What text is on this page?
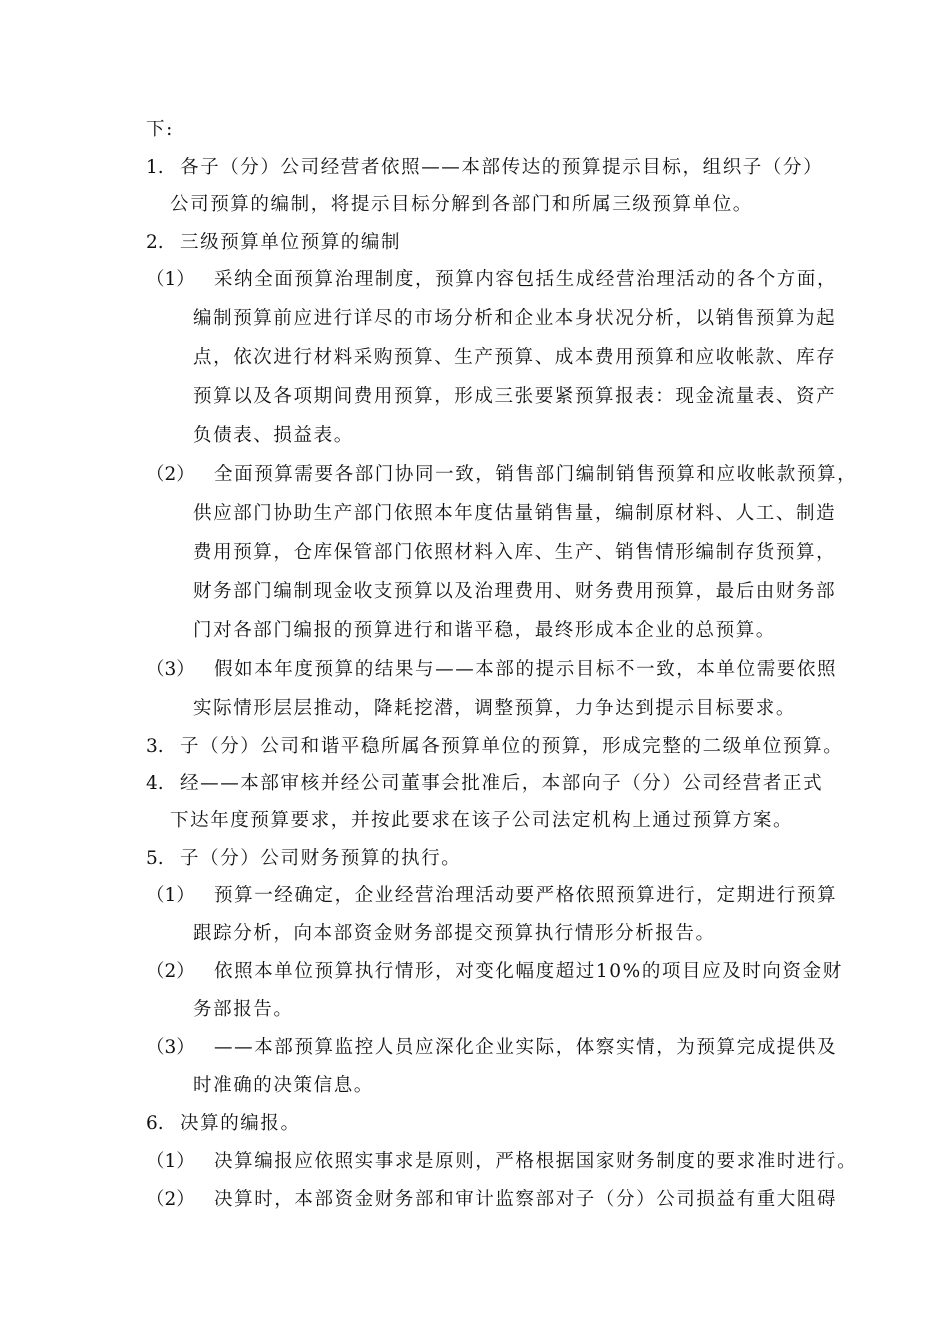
下:
1. 各子（分）公司经营者依照——本部传达的预算提示目标，组织子（分）
公司预算的编制，将提示目标分解到各部门和所属三级预算单位。
2. 三级预算单位预算的编制
（1） 采纳全面预算治理制度，预算内容包括生成经营治理活动的各个方面，
编制预算前应进行详尽的市场分析和企业本身状况分析，以销售预算为起
点，依次进行材料采购预算、生产预算、成本费用预算和应收帐款、库存
预算以及各项期间费用预算，形成三张要紧预算报表：现金流量表、资产
负债表、损益表。
（2） 全面预算需要各部门协同一致，销售部门编制销售预算和应收帐款预算，
供应部门协助生产部门依照本年度估量销售量，编制原材料、人工、制造
费用预算，仓库保管部门依照材料入库、生产、销售情形编制存货预算，
财务部门编制现金收支预算以及治理费用、财务费用预算，最后由财务部
门对各部门编报的预算进行和谐平稳，最终形成本企业的总预算。
（3） 假如本年度预算的结果与——本部的提示目标不一致，本单位需要依照
实际情形层层推动，降耗挖潜，调整预算，力争达到提示目标要求。
3. 子（分）公司和谐平稳所属各预算单位的预算，形成完整的二级单位预算。
4. 经——本部审核并经公司董事会批准后，本部向子（分）公司经营者正式
下达年度预算要求，并按此要求在该子公司法定机构上通过预算方案。
5. 子（分）公司财务预算的执行。
（1） 预算一经确定，企业经营治理活动要严格依照预算进行，定期进行预算
跟踪分析，向本部资金财务部提交预算执行情形分析报告。
（2） 依照本单位预算执行情形，对变化幅度超过10%的项目应及时向资金财
务部报告。
（3） ——本部预算监控人员应深化企业实际，体察实情，为预算完成提供及
时准确的决策信息。
6. 决算的编报。
（1） 决算编报应依照实事求是原则，严格根据国家财务制度的要求准时进行。
（2） 决算时，本部资金财务部和审计监察部对子（分）公司损益有重大阻碍
